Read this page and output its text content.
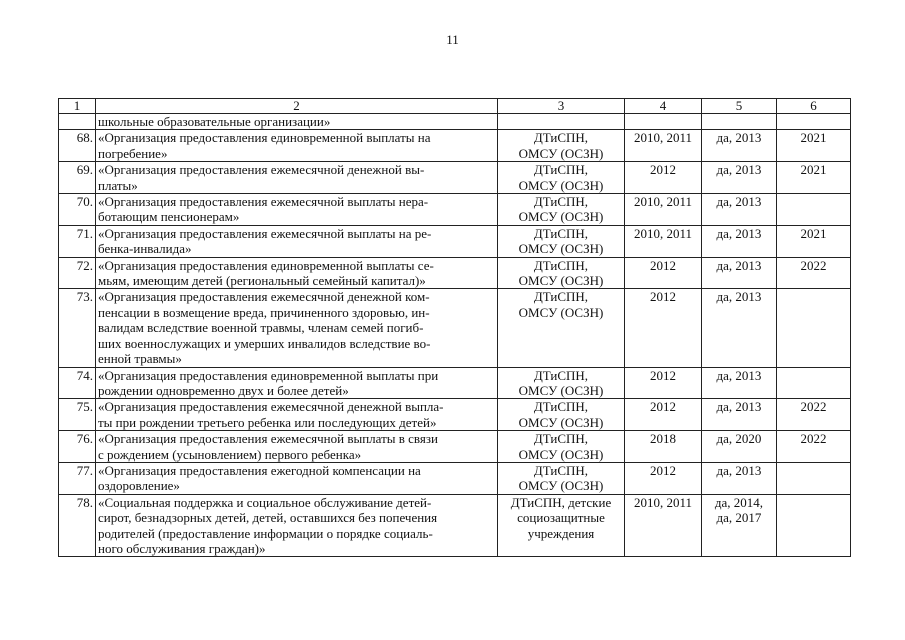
11
1	2	3	4	5	6
	школьные образовательные организации»				

68.	«Организация предоставления единовременной выплаты на
погребение»	ДТиСПН,
ОМСУ (ОСЗН)	2010, 2011	да, 2013	2021

69.	«Организация предоставления ежемесячной денежной вы-
платы»	ДТиСПН,
ОМСУ (ОСЗН)	2012	да, 2013	2021

70.	«Организация предоставления ежемесячной выплаты нера-
ботающим пенсионерам»	ДТиСПН,
ОМСУ (ОСЗН)	2010, 2011	да, 2013	

71.	«Организация предоставления ежемесячной выплаты на ре-
бенка-инвалида»	ДТиСПН,
ОМСУ (ОСЗН)	2010, 2011	да, 2013	2021

72.	«Организация предоставления единовременной выплаты се-
мьям, имеющим детей (региональный семейный капитал)»	ДТиСПН,
ОМСУ (ОСЗН)	2012	да, 2013	2022

73.	«Организация предоставления ежемесячной денежной ком-
пенсации в возмещение вреда, причиненного здоровью, ин-
валидам вследствие военной травмы, членам семей погиб-
ших военнослужащих и умерших инвалидов вследствие во-
енной травмы»	ДТиСПН,
ОМСУ (ОСЗН)	2012	да, 2013	

74.	«Организация предоставления единовременной выплаты при
рождении одновременно двух и более детей»	ДТиСПН,
ОМСУ (ОСЗН)	2012	да, 2013	

75.	«Организация предоставления ежемесячной денежной выпла-
ты при рождении третьего ребенка или последующих детей»	ДТиСПН,
ОМСУ (ОСЗН)	2012	да, 2013	2022

76.	«Организация предоставления ежемесячной выплаты в связи
с рождением (усыновлением) первого ребенка»	ДТиСПН,
ОМСУ (ОСЗН)	2018	да, 2020	2022

77.	«Организация предоставления ежегодной компенсации на
оздоровление»	ДТиСПН,
ОМСУ (ОСЗН)	2012	да, 2013	

78.	«Социальная поддержка и социальное обслуживание детей-
сирот, безнадзорных детей, детей, оставшихся без попечения
родителей (предоставление информации о порядке социаль-
ного обслуживания граждан)»	ДТиСПН, детские
социозащитные
учреждения	2010, 2011	да, 2014,
да, 2017	
